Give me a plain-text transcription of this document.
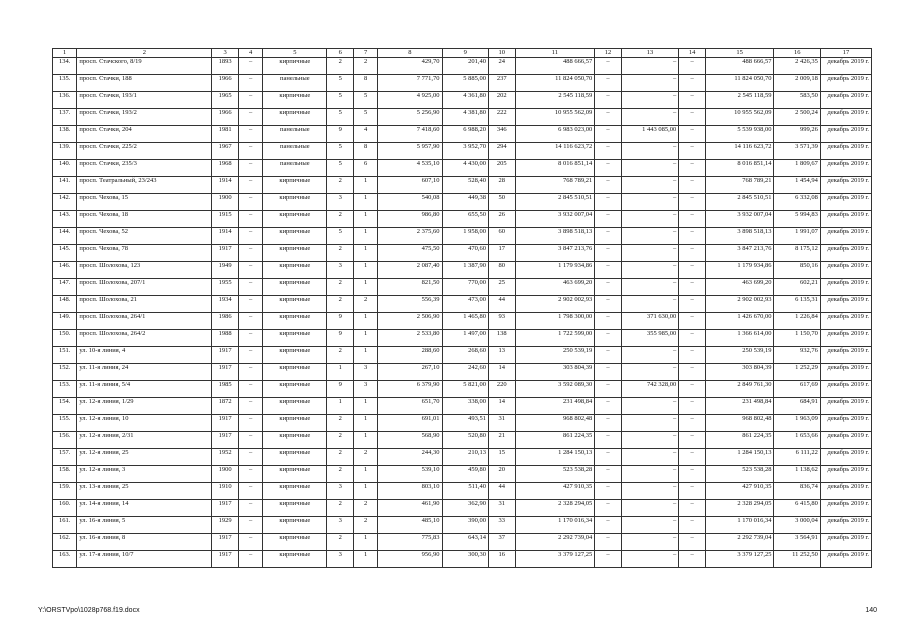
1	2	3	4	5	6	7	8	9	10	11	12	13	14	15	16	17
134.	просп. Стачского, 8/19	1893	–	кирпичные	2	2	429,70	201,40	24	488 666,57	–	–	–	488 666,57	2 426,35	декабрь 2019 г.
135.	просп. Стачки, 188	1966	–	панельные	5	8	7 771,70	5 885,00	237	11 824 050,70	–	–	–	11 824 050,70	2 009,18	декабрь 2019 г.
136.	просп. Стачки, 193/1	1965	–	кирпичные	5	5	4 925,00	4 361,80	202	2 545 118,59	–	–	–	2 545 118,59	583,50	декабрь 2019 г.
137.	просп. Стачки, 193/2	1966	–	кирпичные	5	5	5 256,90	4 381,80	222	10 955 562,09	–	–	–	10 955 562,09	2 500,24	декабрь 2019 г.
138.	просп. Стачки, 204	1981	–	панельные	9	4	7 418,60	6 988,20	346	6 983 023,00	–	1 443 085,00	–	5 539 938,00	999,26	декабрь 2019 г.
139.	просп. Стачки, 225/2	1967	–	панельные	5	8	5 957,90	3 952,70	294	14 116 623,72	–	–	–	14 116 623,72	3 571,39	декабрь 2019 г.
140.	просп. Стачки, 235/3	1968	–	панельные	5	6	4 535,10	4 430,00	205	8 016 851,14	–	–	–	8 016 851,14	1 809,67	декабрь 2019 г.
141.	просп. Театральный, 23/243	1914	–	кирпичные	2	1	607,10	528,40	28	768 789,21	–	–	–	768 789,21	1 454,94	декабрь 2019 г.
142.	просп. Чехова, 15	1900	–	кирпичные	3	1	540,08	449,38	50	2 845 510,51	–	–	–	2 845 510,51	6 332,08	декабрь 2019 г.
143.	просп. Чехова, 18	1915	–	кирпичные	2	1	986,80	655,50	26	3 932 007,04	–	–	–	3 932 007,04	5 994,83	декабрь 2019 г.
144.	просп. Чехова, 52	1914	–	кирпичные	5	1	2 375,60	1 958,00	60	3 898 518,13	–	–	–	3 898 518,13	1 991,07	декабрь 2019 г.
145.	просп. Чехова, 78	1917	–	кирпичные	2	1	475,50	470,60	17	3 847 213,76	–	–	–	3 847 213,76	8 175,12	декабрь 2019 г.
146.	просп. Шолохова, 123	1949	–	кирпичные	3	1	2 087,40	1 387,90	80	1 179 934,86	–	–	–	1 179 934,86	850,16	декабрь 2019 г.
147.	просп. Шолохова, 207/1	1955	–	кирпичные	2	1	821,50	770,00	25	463 699,20	–	–	–	463 699,20	602,21	декабрь 2019 г.
148.	просп. Шолохова, 21	1934	–	кирпичные	2	2	556,39	473,00	44	2 902 002,93	–	–	–	2 902 002,93	6 135,31	декабрь 2019 г.
149.	просп. Шолохова, 264/1	1986	–	кирпичные	9	1	2 506,90	1 465,80	93	1 798 300,00	–	371 630,00	–	1 426 670,00	1 226,84	декабрь 2019 г.
150.	просп. Шолохова, 264/2	1988	–	кирпичные	9	1	2 533,80	1 497,00	138	1 722 599,00	–	355 985,00	–	1 366 614,00	1 150,70	декабрь 2019 г.
151.	ул. 10-я линия, 4	1917	–	кирпичные	2	1	288,60	268,60	13	250 539,19	–	–	–	250 539,19	932,76	декабрь 2019 г.
152.	ул. 11-я линия, 24	1917	–	кирпичные	1	3	267,10	242,60	14	303 804,39	–	–	–	303 804,39	1 252,29	декабрь 2019 г.
153.	ул. 11-я линия, 5/4	1985	–	кирпичные	9	3	6 379,90	5 821,00	220	3 592 089,30	–	742 328,00	–	2 849 761,30	617,69	декабрь 2019 г.
154.	ул. 12-я линия, 1/29	1872	–	кирпичные	1	1	651,70	338,00	14	231 498,84	–	–	–	231 498,84	684,91	декабрь 2019 г.
155.	ул. 12-я линия, 10	1917	–	кирпичные	2	1	691,01	493,51	31	968 802,48	–	–	–	968 802,48	1 963,09	декабрь 2019 г.
156.	ул. 12-я линия, 2/31	1917	–	кирпичные	2	1	568,90	520,80	21	861 224,35	–	–	–	861 224,35	1 653,66	декабрь 2019 г.
157.	ул. 12-я линия, 25	1952	–	кирпичные	2	2	244,30	210,13	15	1 284 150,13	–	–	–	1 284 150,13	6 111,22	декабрь 2019 г.
158.	ул. 12-я линия, 3	1900	–	кирпичные	2	1	539,10	459,80	20	523 538,28	–	–	–	523 538,28	1 138,62	декабрь 2019 г.
159.	ул. 13-я линия, 25	1910	–	кирпичные	3	1	803,10	511,40	44	427 910,35	–	–	–	427 910,35	836,74	декабрь 2019 г.
160.	ул. 14-я линия, 14	1917	–	кирпичные	2	2	461,90	362,90	31	2 328 294,05	–	–	–	2 328 294,05	6 415,80	декабрь 2019 г.
161.	ул. 16-я линия, 5	1929	–	кирпичные	3	2	485,10	390,00	33	1 170 016,34	–	–	–	1 170 016,34	3 000,04	декабрь 2019 г.
162.	ул. 16-я линия, 8	1917	–	кирпичные	2	1	775,83	643,14	37	2 292 739,04	–	–	–	2 292 739,04	3 564,91	декабрь 2019 г.
163.	ул. 17-я линия, 10/7	1917	–	кирпичные	3	1	956,90	300,30	16	3 379 127,25	–	–	–	3 379 127,25	11 252,50	декабрь 2019 г.
Y:\ORSTVpo\1028p768.f19.docx	140
